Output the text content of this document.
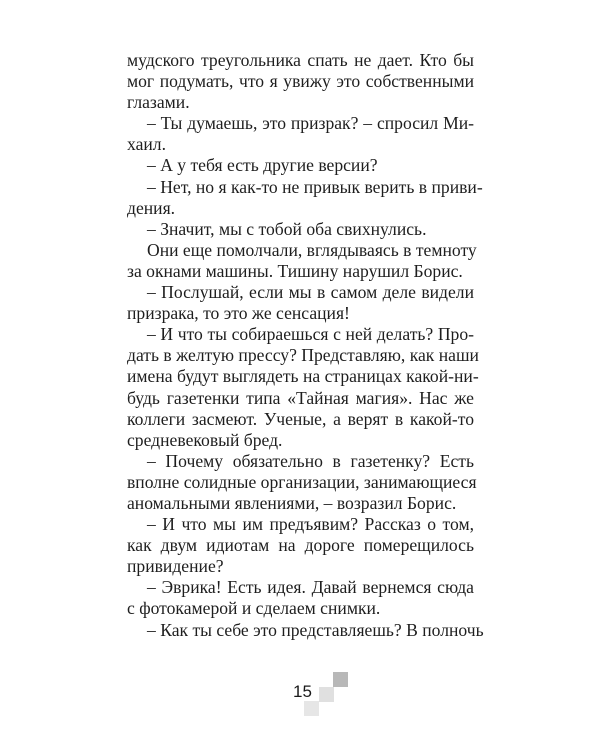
мудского треугольника спать не дает. Кто бы
мог подумать, что я увижу это собственными
глазами.
– Ты думаешь, это призрак? – спросил Ми-
хаил.
– А у тебя есть другие версии?
– Нет, но я как-то не привык верить в приви-
дения.
– Значит, мы с тобой оба свихнулись.
Они еще помолчали, вглядываясь в темноту
за окнами машины. Тишину нарушил Борис.
– Послушай, если мы в самом деле видели
призрака, то это же сенсация!
– И что ты собираешься с ней делать? Про-
дать в желтую прессу? Представляю, как наши
имена будут выглядеть на страницах какой-ни-
будь газетенки типа «Тайная магия». Нас же
коллеги засмеют. Ученые, а верят в какой-то
средневековый бред.
– Почему обязательно в газетенку? Есть
вполне солидные организации, занимающиеся
аномальными явлениями, – возразил Борис.
– И что мы им предъявим? Рассказ о том,
как двум идиотам на дороге померещилось
привидение?
– Эврика! Есть идея. Давай вернемся сюда
с фотокамерой и сделаем снимки.
– Как ты себе это представляешь? В полночь
15
